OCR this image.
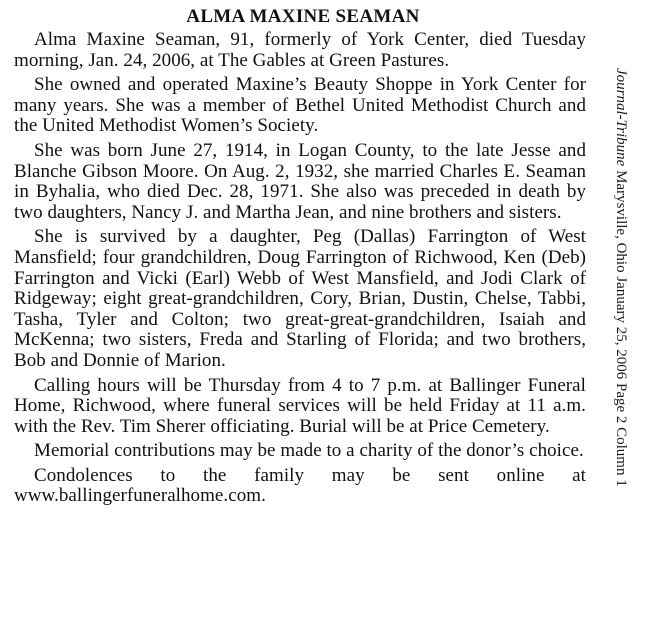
ALMA MAXINE SEAMAN

Alma Maxine Seaman, 91, formerly of York Center, died Tuesday morning, Jan. 24, 2006, at The Gables at Green Pastures.

She owned and operated Maxine’s Beauty Shoppe in York Center for many years. She was a member of Bethel United Methodist Church and the United Methodist Women’s Society.

She was born June 27, 1914, in Logan County, to the late Jesse and Blanche Gibson Moore. On Aug. 2, 1932, she married Charles E. Seaman in Byhalia, who died Dec. 28, 1971. She also was preceded in death by two daughters, Nancy J. and Martha Jean, and nine brothers and sisters.

She is survived by a daughter, Peg (Dallas) Farrington of West Mansfield; four grandchildren, Doug Farrington of Richwood, Ken (Deb) Farrington and Vicki (Earl) Webb of West Mansfield, and Jodi Clark of Ridgeway; eight great-grandchildren, Cory, Brian, Dustin, Chelse, Tabbi, Tasha, Tyler and Colton; two great-great-grandchildren, Isaiah and McKenna; two sisters, Freda and Starling of Florida; and two brothers, Bob and Donnie of Marion.

Calling hours will be Thursday from 4 to 7 p.m. at Ballinger Funeral Home, Richwood, where funeral services will be held Friday at 11 a.m. with the Rev. Tim Sherer officiating. Burial will be at Price Cemetery.

Memorial contributions may be made to a charity of the donor’s choice.

Condolences to the family may be sent online at www.ballingerfuneralhome.com.

Journal-Tribune Marysville, Ohio January 25, 2006 Page 2 Column 1
